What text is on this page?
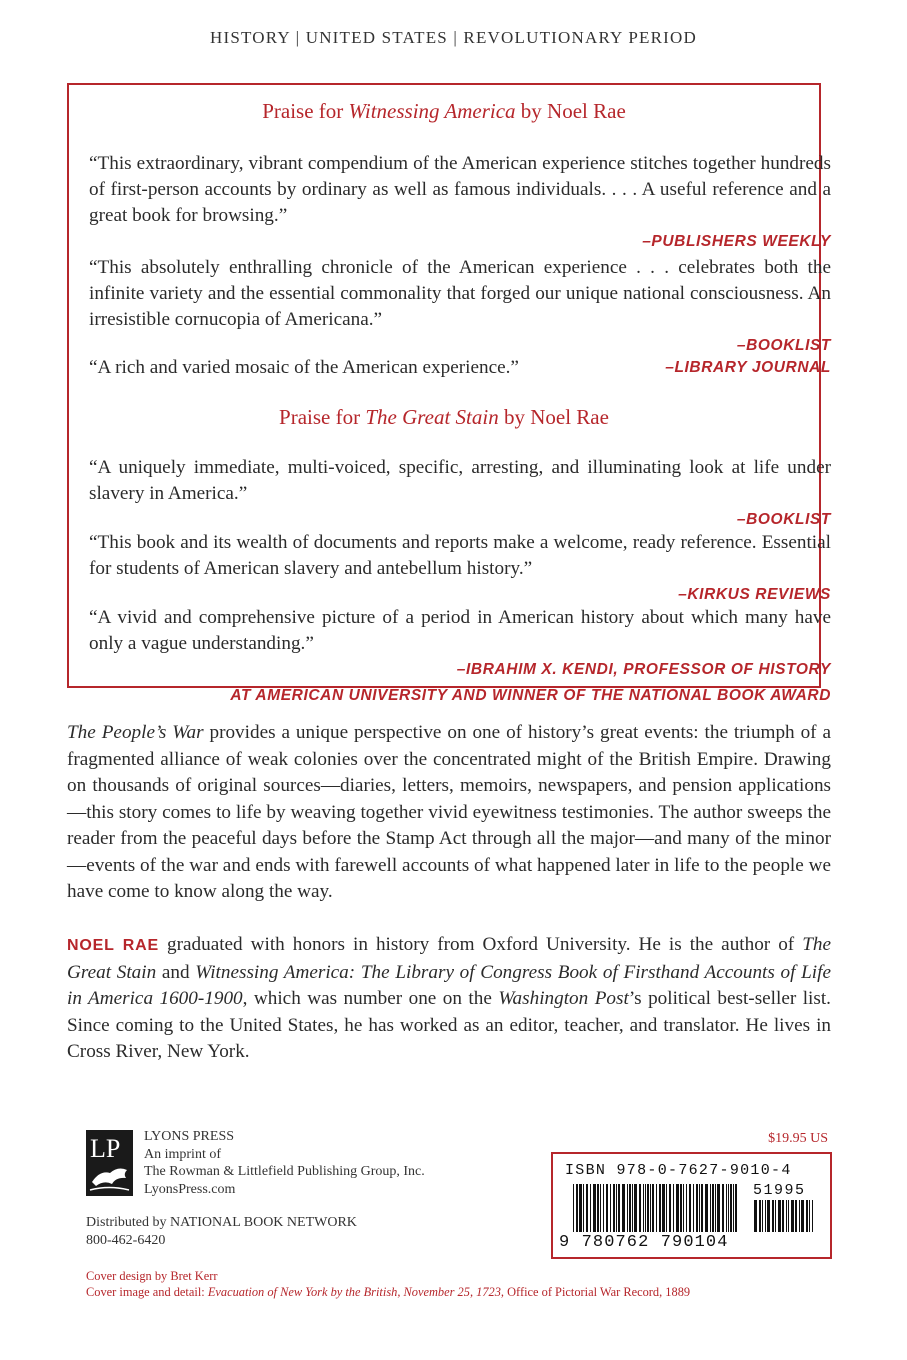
HISTORY | UNITED STATES | REVOLUTIONARY PERIOD
Praise for Witnessing America by Noel Rae
“This extraordinary, vibrant compendium of the American experience stitches together hundreds of first-person accounts by ordinary as well as famous individuals. . . . A useful reference and a great book for browsing.”
–PUBLISHERS WEEKLY
“This absolutely enthralling chronicle of the American experience . . . celebrates both the infinite variety and the essential commonality that forged our unique national consciousness. An irresistible cornucopia of Americana.”
–BOOKLIST
–LIBRARY JOURNAL
“A rich and varied mosaic of the American experience.”
Praise for The Great Stain by Noel Rae
“A uniquely immediate, multi-voiced, specific, arresting, and illuminating look at life under slavery in America.”
–BOOKLIST
“This book and its wealth of documents and reports make a welcome, ready reference. Essential for students of American slavery and antebellum history.”
–KIRKUS REVIEWS
“A vivid and comprehensive picture of a period in American history about which many have only a vague understanding.”
–IBRAHIM X. KENDI, PROFESSOR OF HISTORY
AT AMERICAN UNIVERSITY AND WINNER OF THE NATIONAL BOOK AWARD
The People’s War provides a unique perspective on one of history’s great events: the triumph of a fragmented alliance of weak colonies over the concentrated might of the British Empire. Drawing on thousands of original sources—diaries, letters, memoirs, newspapers, and pension applications—this story comes to life by weaving together vivid eyewitness testimonies. The author sweeps the reader from the peaceful days before the Stamp Act through all the major—and many of the minor—events of the war and ends with farewell accounts of what happened later in life to the people we have come to know along the way.
NOEL RAE graduated with honors in history from Oxford University. He is the author of The Great Stain and Witnessing America: The Library of Congress Book of Firsthand Accounts of Life in America 1600-1900, which was number one on the Washington Post’s political best-seller list. Since coming to the United States, he has worked as an editor, teacher, and translator. He lives in Cross River, New York.
LP LYONS PRESS
An imprint of
The Rowman & Littlefield Publishing Group, Inc.
LyonsPress.com
Distributed by NATIONAL BOOK NETWORK
800-462-6420
$19.95 US
ISBN 978-0-7627-9010-4
51995
9 780762 790104
Cover design by Bret Kerr
Cover image and detail: Evacuation of New York by the British, November 25, 1723, Office of Pictorial War Record, 1889
